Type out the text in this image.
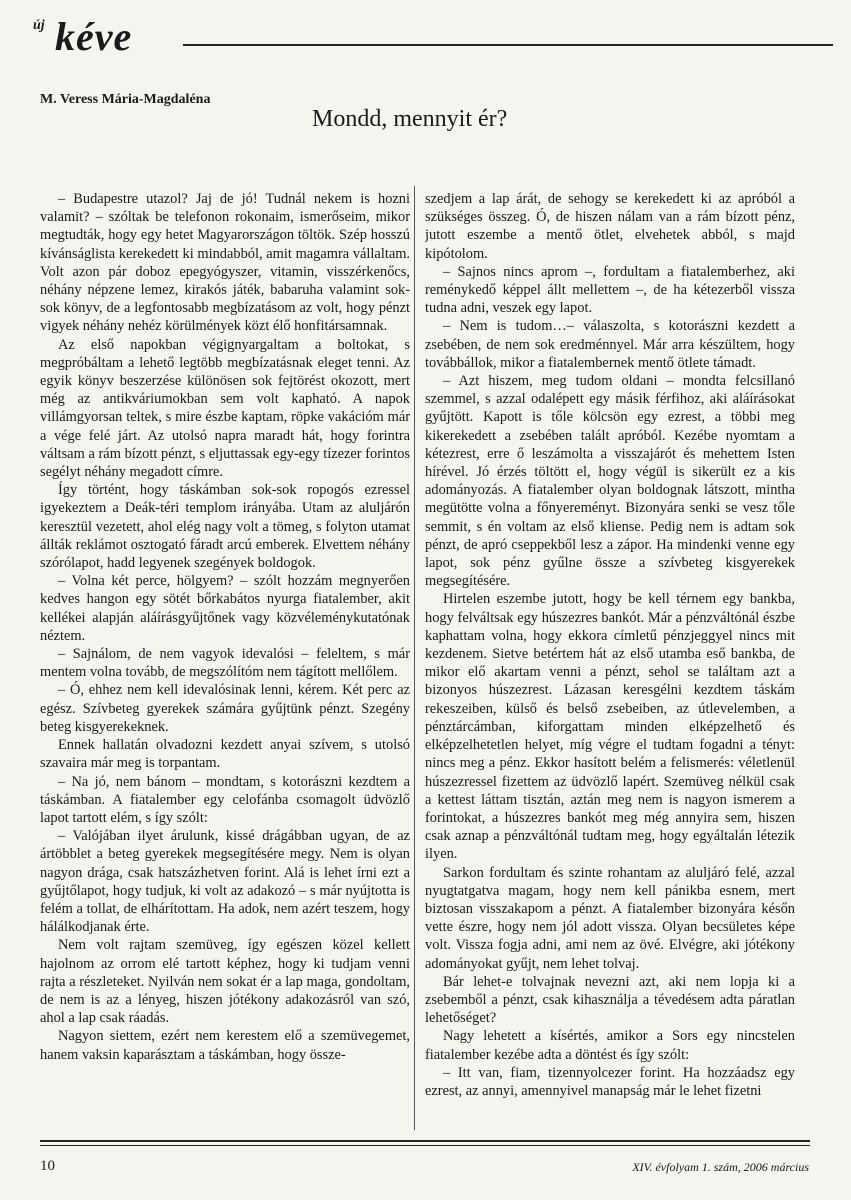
új kéve
M. Veress Mária-Magdaléna
Mondd, mennyit ér?

– Budapestre utazol? Jaj de jó! Tudnál nekem is hozni valamit? – szóltak be telefonon rokonaim, ismerőseim, mikor megtudták, hogy egy hetet Magyarországon töltök. Szép hosszú kívánságlista kerekedett ki mindabból, amit magamra vállaltam. Volt azon pár doboz epegyógyszer, vitamin, visszérkenőcs, néhány népzene lemez, kirakós játék, babaruha valamint sok-sok könyv, de a legfontosabb megbízatásom az volt, hogy pénzt vigyek néhány nehéz körülmények közt élő honfitársamnak.

Az első napokban végignyargaltam a boltokat, s megpróbáltam a lehető legtöbb megbízatásnak eleget tenni. Az egyik könyv beszerzése különösen sok fejtörést okozott, mert még az antikváriumokban sem volt kapható. A napok villámgyorsan teltek, s mire észbe kaptam, röpke vakációm már a vége felé járt. Az utolsó napra maradt hát, hogy forintra váltsam a rám bízott pénzt, s eljuttassak egy-egy tízezer forintos segélyt néhány megadott címre.

Így történt, hogy táskámban sok-sok ropogós ezressel igyekeztem a Deák-téri templom irányába. Utam az aluljárón keresztül vezetett, ahol elég nagy volt a tömeg, s folyton utamat állták reklámot osztogató fáradt arcú emberek. Elvettem néhány szórólapot, hadd legyenek szegények boldogok.

– Volna két perce, hölgyem? – szólt hozzám megnyerően kedves hangon egy sötét bőrkabátos nyurga fiatalember, akit kellékei alapján aláírásgyűjtőnek vagy közvéleménykutatónak néztem.

– Sajnálom, de nem vagyok idevalósi – feleltem, s már mentem volna tovább, de megszólítóm nem tágított mellőlem.

– Ó, ehhez nem kell idevalósinak lenni, kérem. Két perc az egész. Szívbeteg gyerekek számára gyűjtünk pénzt. Szegény beteg kisgyerekeknek.

Ennek hallatán olvadozni kezdett anyai szívem, s utolsó szavaira már meg is torpantam.

– Na jó, nem bánom – mondtam, s kotorászni kezdtem a táskámban. A fiatalember egy celofánba csomagolt üdvözlő lapot tartott elém, s így szólt:

– Valójában ilyet árulunk, kissé drágábban ugyan, de az ártöbblet a beteg gyerekek megsegítésére megy. Nem is olyan nagyon drága, csak hatszázhetven forint. Alá is lehet írni ezt a gyűjtőlapot, hogy tudjuk, ki volt az adakozó – s már nyújtotta is felém a tollat, de elhárítottam. Ha adok, nem azért teszem, hogy hálálkodjanak érte.

Nem volt rajtam szemüveg, így egészen közel kellett hajolnom az orrom elé tartott képhez, hogy ki tudjam venni rajta a részleteket. Nyilván nem sokat ér a lap maga, gondoltam, de nem is az a lényeg, hiszen jótékony adakozásról van szó, ahol a lap csak ráadás.

Nagyon siettem, ezért nem kerestem elő a szemüvegemet, hanem vaksin kaparásztam a táskámban, hogy össze-

szedjem a lap árát, de sehogy se kerekedett ki az apróból a szükséges összeg. Ó, de hiszen nálam van a rám bízott pénz, jutott eszembe a mentő ötlet, elvehetek abból, s majd kipótolom.

– Sajnos nincs aprom –, fordultam a fiatalemberhez, aki reménykedő képpel állt mellettem –, de ha kétezerből vissza tudna adni, veszek egy lapot.

– Nem is tudom…– válaszolta, s kotorászni kezdett a zsebében, de nem sok eredménnyel. Már arra készültem, hogy továbbállok, mikor a fiatalembernek mentő ötlete támadt.

– Azt hiszem, meg tudom oldani – mondta felcsillanó szemmel, s azzal odalépett egy másik férfihoz, aki aláírásokat gyűjtött. Kapott is tőle kölcsön egy ezrest, a többi meg kikerekedett a zsebében talált apróból. Kezébe nyomtam a kétezrest, erre ő leszámolta a visszajárót és mehettem Isten hírével. Jó érzés töltött el, hogy végül is sikerült ez a kis adományozás. A fiatalember olyan boldognak látszott, mintha megütötte volna a főnyereményt. Bizonyára senki se vesz tőle semmit, s én voltam az első kliense. Pedig nem is adtam sok pénzt, de apró cseppekből lesz a zápor. Ha mindenki venne egy lapot, sok pénz gyűlne össze a szívbeteg kisgyerekek megsegítésére.

Hirtelen eszembe jutott, hogy be kell térnem egy bankba, hogy felváltsak egy húszezres bankót. Már a pénzváltónál észbe kaphattam volna, hogy ekkora címletű pénzjeggyel nincs mit kezdenem. Sietve betértem hát az első utamba eső bankba, de mikor elő akartam venni a pénzt, sehol se találtam azt a bizonyos húszezrest. Lázasan keresgélni kezdtem táskám rekeszeiben, külső és belső zsebeiben, az útlevelemben, a pénztárcámban, kiforgattam minden elképzelhető és elképzelhetetlen helyet, míg végre el tudtam fogadni a tényt: nincs meg a pénz. Ekkor hasított belém a felismerés: véletlenül húszezressel fizettem az üdvözlő lapért. Szemüveg nélkül csak a kettest láttam tisztán, aztán meg nem is nagyon ismerem a forintokat, a húszezres bankót meg még annyira sem, hiszen csak aznap a pénzváltónál tudtam meg, hogy egyáltalán létezik ilyen.

Sarkon fordultam és szinte rohantam az aluljáró felé, azzal nyugtatgatva magam, hogy nem kell pánikba esnem, mert biztosan visszakapom a pénzt. A fiatalember bizonyára későn vette észre, hogy nem jól adott vissza. Olyan becsületes képe volt. Vissza fogja adni, ami nem az övé. Elvégre, aki jótékony adományokat gyűjt, nem lehet tolvaj.

Bár lehet-e tolvajnak nevezni azt, aki nem lopja ki a zsebemből a pénzt, csak kihasználja a tévedésem adta páratlan lehetőséget?

Nagy lehetett a kísértés, amikor a Sors egy nincstelen fiatalember kezébe adta a döntést és így szólt:

– Itt van, fiam, tizennyolcezer forint. Ha hozzáadsz egy ezrest, az annyi, amennyivel manapság már le lehet fizetni

10	XIV. évfolyam 1. szám, 2006 március
